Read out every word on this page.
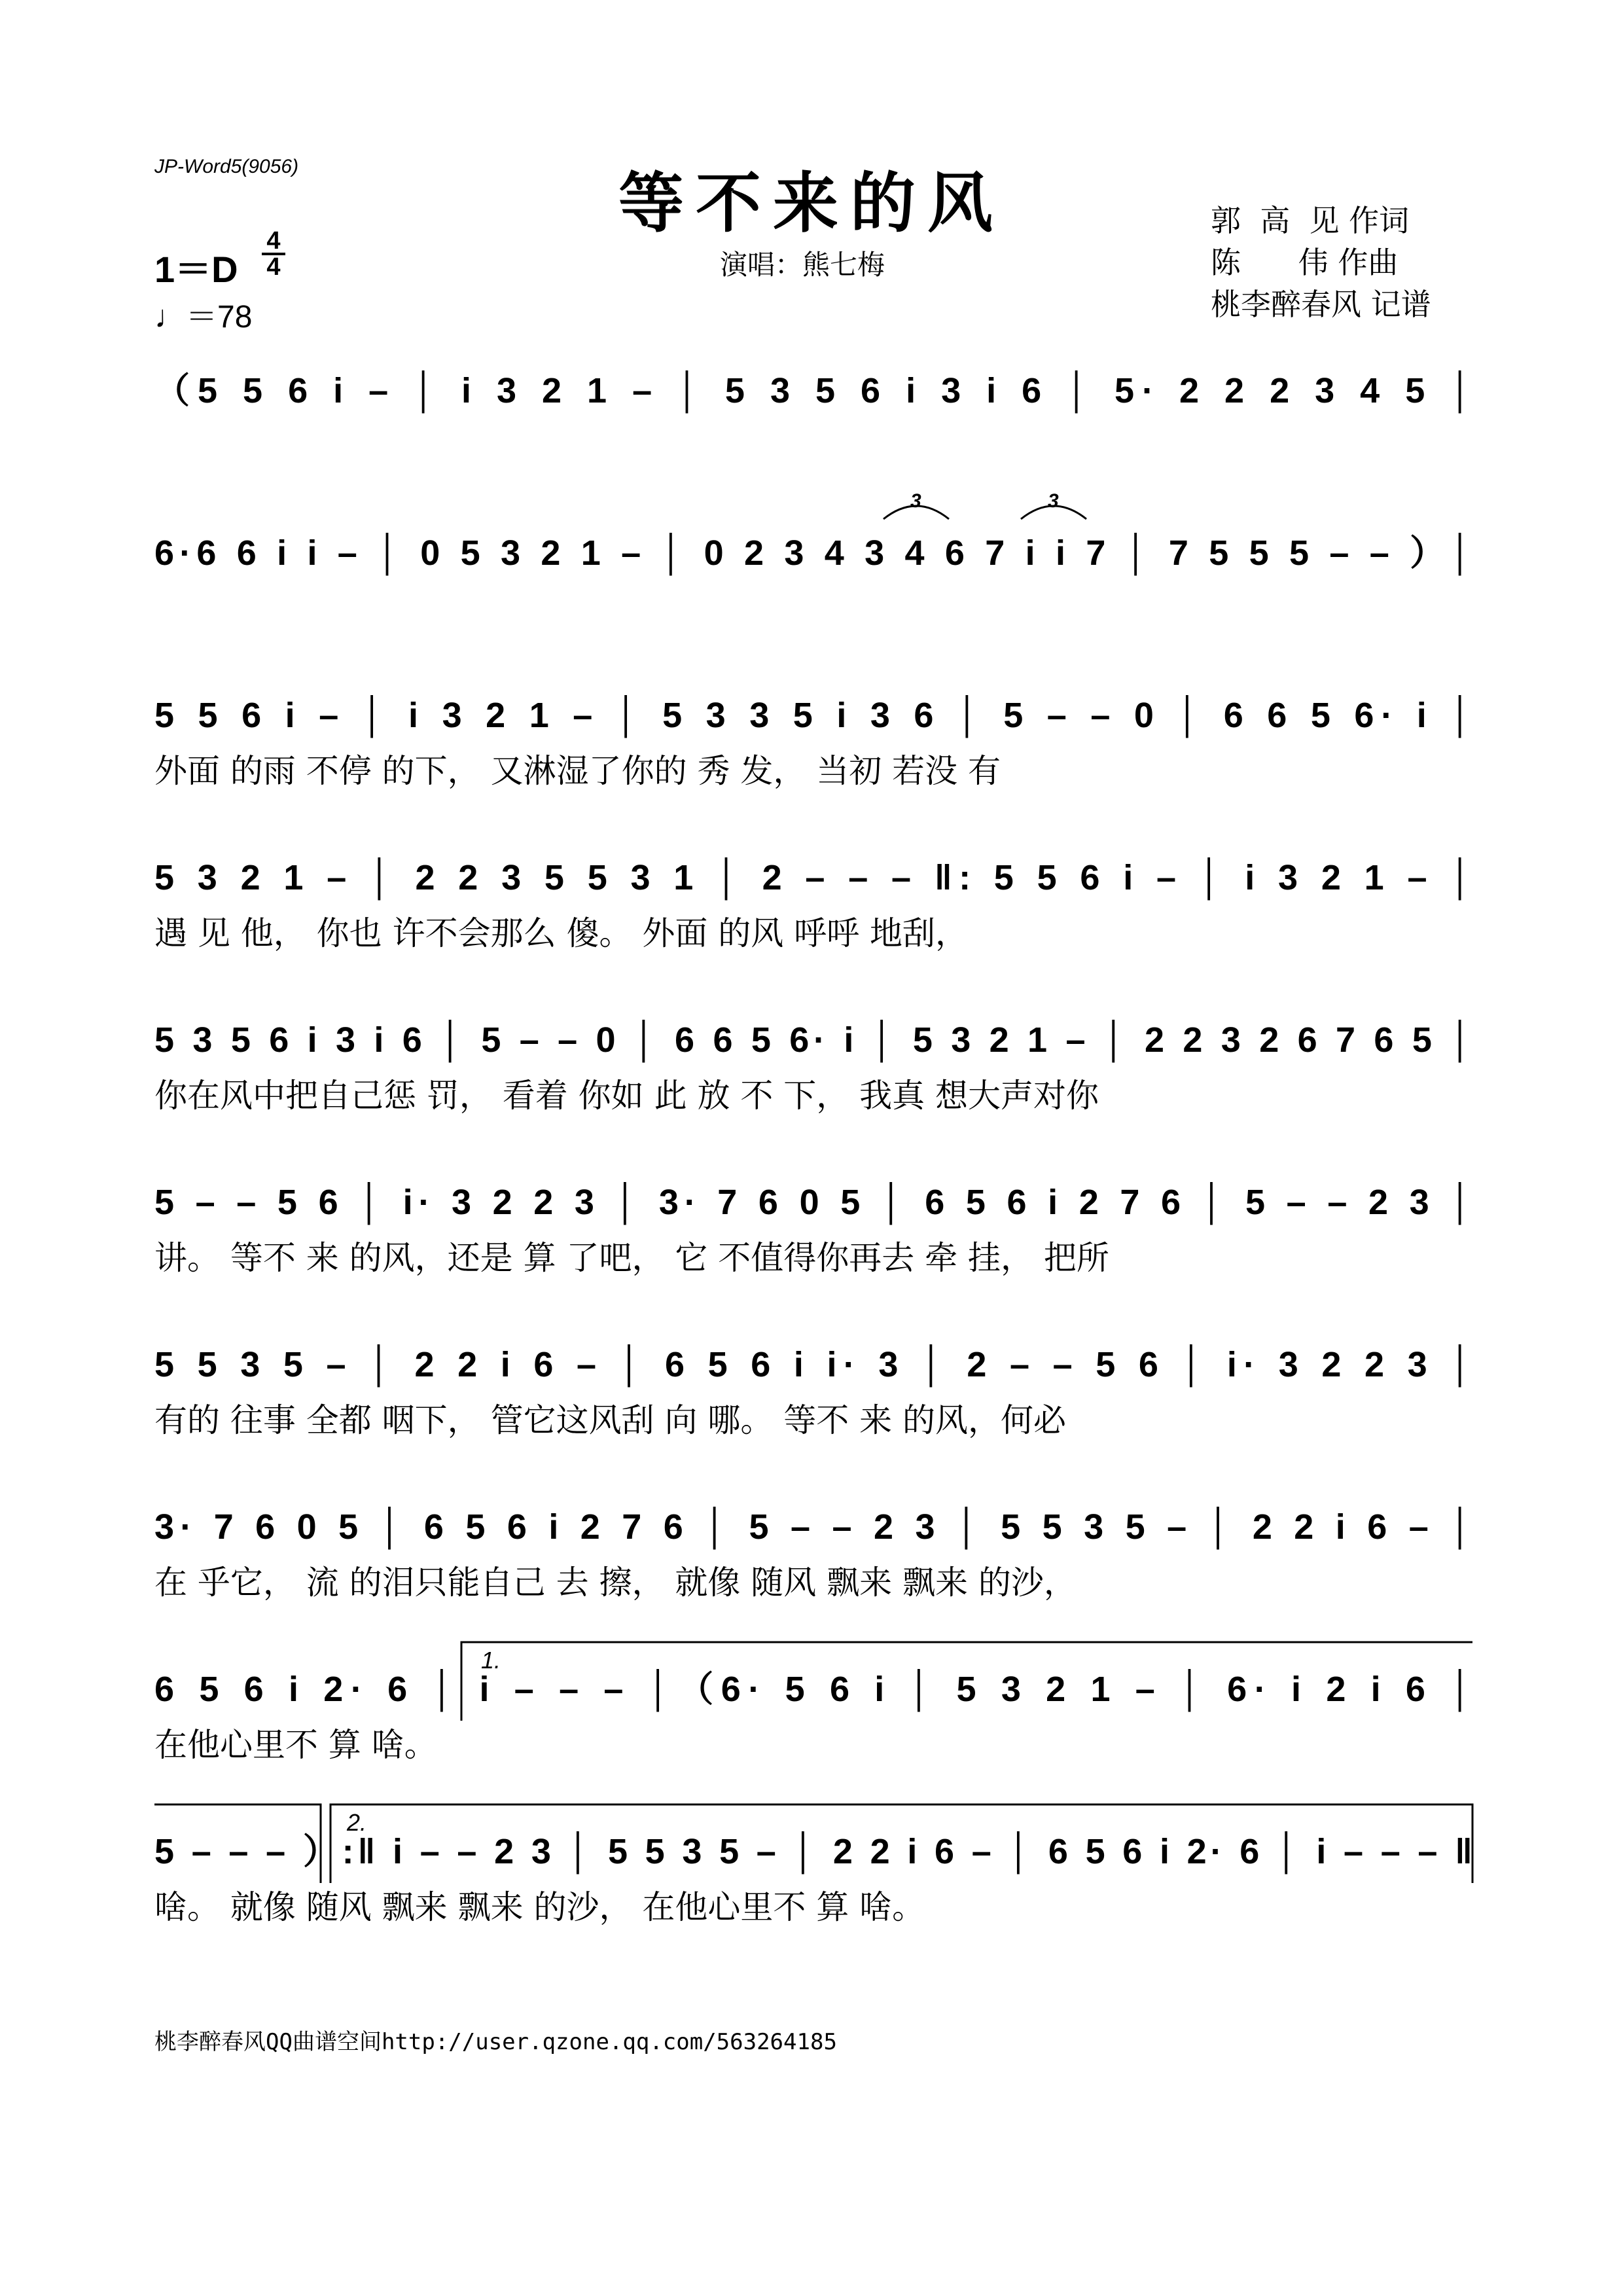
JP-Word5(9056)	等不来的风
演唱：熊七梅
郭  高  见 作词
陈      伟 作曲
桃李醉春风 记谱
1＝D
4
4
♩＝78
（5 5 6 i – │ i 3 2 1 – │ 5 3 5 6 i 3 i 6 │ 5· 2 2 2 3 4 5 │
6·6 6 i i – │ 0 5 3 2 1 – │ 0 2 3 4 3 4 6 7 i i 7 │ 7 5 5 5 – – ）│
5 5 6 i – │ i 3 2 1 – │ 5 3 3 5 i 3 6 │ 5 – – 0 │ 6 6 5 6· i │
外面 的雨 不停 的下， 又淋湿了你的 秀 发， 当初 若没 有
5 3 2 1 – │ 2 2 3 5 5 3 1 │ 2 – – – ‖: 5 5 6 i – │ i 3 2 1 – │
遇 见 他， 你也 许不会那么 傻。 外面 的风 呼呼 地刮，
5 3 5 6 i 3 i 6 │ 5 – – 0 │ 6 6 5 6· i │ 5 3 2 1 – │ 2 2 3 2 6 7 6 5 │
你在风中把自己惩 罚， 看着 你如 此 放 不 下， 我真 想大声对你
5 – – 5 6 │ i· 3 2 2 3 │ 3· 7 6 0 5 │ 6 5 6 i 2 7 6 │ 5 – – 2 3 │
讲。 等不 来 的风，还是 算 了吧， 它 不值得你再去 牵 挂， 把所
5 5 3 5 – │ 2 2 i 6 – │ 6 5 6 i i· 3 │ 2 – – 5 6 │ i· 3 2 2 3 │
有的 往事 全都 咽下， 管它这风刮 向 哪。 等不 来 的风，何必
3· 7 6 0 5 │ 6 5 6 i 2 7 6 │ 5 – – 2 3 │ 5 5 3 5 – │ 2 2 i 6 – │
在 乎它， 流 的泪只能自己 去 擦， 就像 随风 飘来 飘来 的沙，
6 5 6 i 2· 6 │ i – – – │（6· 5 6 i │ 5 3 2 1 – │ 6· i 2 i 6 │
在他心里不 算 啥。
5 – – – ）:‖ i – – 2 3 │ 5 5 3 5 – │ 2 2 i 6 – │ 6 5 6 i 2· 6 │ i – – – ‖
啥。 就像 随风 飘来 飘来 的沙， 在他心里不 算 啥。
1.
2.
3	3
桃李醉春风QQ曲谱空间http://user.qzone.qq.com/563264185
